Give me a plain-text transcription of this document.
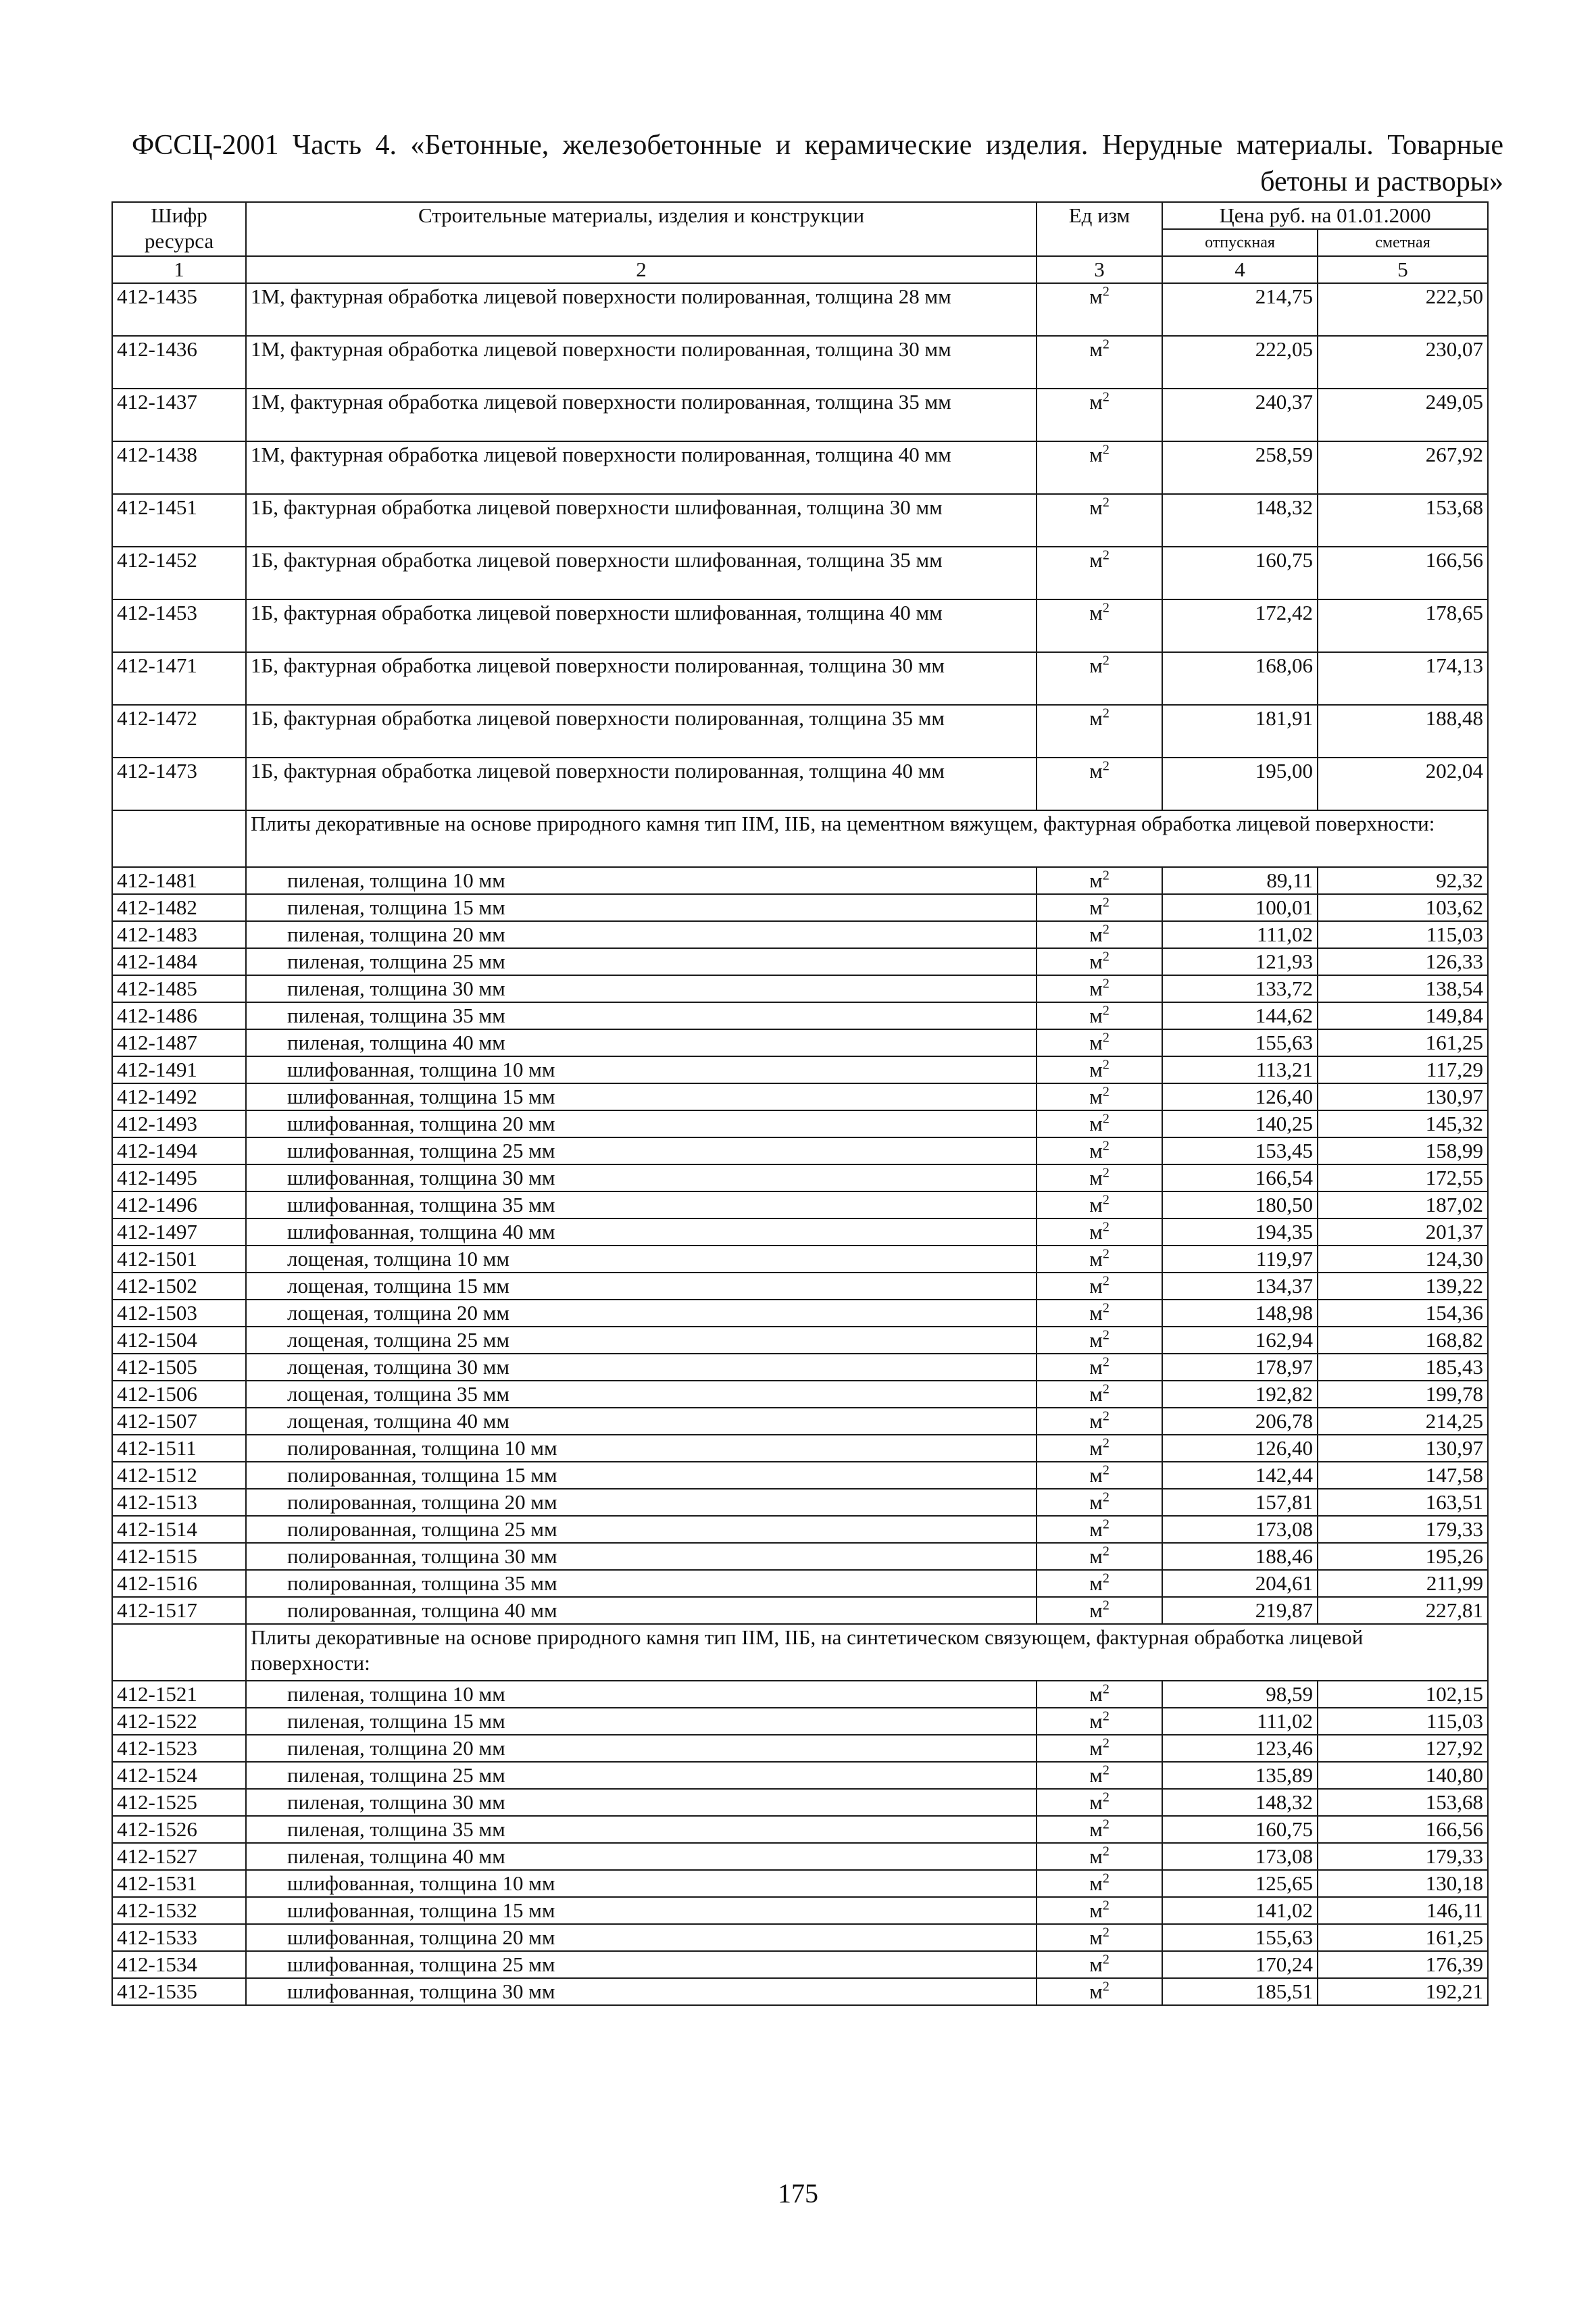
ФССЦ-2001 Часть 4. «Бетонные, железобетонные и керамические изделия. Нерудные материалы. Товарные бетоны и растворы»
Шифр ресурса	Строительные материалы, изделия и конструкции	Ед изм	Цена руб. на 01.01.2000	
			отпускная	сметная
1	2	3	4	5
412-1435	1М, фактурная обработка лицевой поверхности полированная, толщина 28 мм	$м^2$	214,75	222,50
412-1436	1М, фактурная обработка лицевой поверхности полированная, толщина 30 мм	$м^2$	222,05	230,07
412-1437	1М, фактурная обработка лицевой поверхности полированная, толщина 35 мм	$м^2$	240,37	249,05
412-1438	1М, фактурная обработка лицевой поверхности полированная, толщина 40 мм	$м^2$	258,59	267,92
412-1451	1Б, фактурная обработка лицевой поверхности шлифованная, толщина 30 мм	$м^2$	148,32	153,68
412-1452	1Б, фактурная обработка лицевой поверхности шлифованная, толщина 35 мм	$м^2$	160,75	166,56
412-1453	1Б, фактурная обработка лицевой поверхности шлифованная, толщина 40 мм	$м^2$	172,42	178,65
412-1471	1Б, фактурная обработка лицевой поверхности полированная, толщина 30 мм	$м^2$	168,06	174,13
412-1472	1Б, фактурная обработка лицевой поверхности полированная, толщина 35 мм	$м^2$	181,91	188,48
412-1473	1Б, фактурная обработка лицевой поверхности полированная, толщина 40 мм	$м^2$	195,00	202,04
	Плиты декоративные на основе природного камня тип IIМ, IIБ, на цементном вяжущем, фактурная обработка лицевой поверхности:			
412-1481	пиленая, толщина 10 мм	$м^2$	89,11	92,32
412-1482	пиленая, толщина 15 мм	$м^2$	100,01	103,62
412-1483	пиленая, толщина 20 мм	$м^2$	111,02	115,03
412-1484	пиленая, толщина 25 мм	$м^2$	121,93	126,33
412-1485	пиленая, толщина 30 мм	$м^2$	133,72	138,54
412-1486	пиленая, толщина 35 мм	$м^2$	144,62	149,84
412-1487	пиленая, толщина 40 мм	$м^2$	155,63	161,25
412-1491	шлифованная, толщина 10 мм	$м^2$	113,21	117,29
412-1492	шлифованная, толщина 15 мм	$м^2$	126,40	130,97
412-1493	шлифованная, толщина 20 мм	$м^2$	140,25	145,32
412-1494	шлифованная, толщина 25 мм	$м^2$	153,45	158,99
412-1495	шлифованная, толщина 30 мм	$м^2$	166,54	172,55
412-1496	шлифованная, толщина 35 мм	$м^2$	180,50	187,02
412-1497	шлифованная, толщина 40 мм	$м^2$	194,35	201,37
412-1501	лощеная, толщина 10 мм	$м^2$	119,97	124,30
412-1502	лощеная, толщина 15 мм	$м^2$	134,37	139,22
412-1503	лощеная, толщина 20 мм	$м^2$	148,98	154,36
412-1504	лощеная, толщина 25 мм	$м^2$	162,94	168,82
412-1505	лощеная, толщина 30 мм	$м^2$	178,97	185,43
412-1506	лощеная, толщина 35 мм	$м^2$	192,82	199,78
412-1507	лощеная, толщина 40 мм	$м^2$	206,78	214,25
412-1511	полированная, толщина 10 мм	$м^2$	126,40	130,97
412-1512	полированная, толщина 15 мм	$м^2$	142,44	147,58
412-1513	полированная, толщина 20 мм	$м^2$	157,81	163,51
412-1514	полированная, толщина 25 мм	$м^2$	173,08	179,33
412-1515	полированная, толщина 30 мм	$м^2$	188,46	195,26
412-1516	полированная, толщина 35 мм	$м^2$	204,61	211,99
412-1517	полированная, толщина 40 мм	$м^2$	219,87	227,81
	Плиты декоративные на основе природного камня тип IIМ, IIБ, на синтетическом связующем, фактурная обработка лицевой поверхности:			
412-1521	пиленая, толщина 10 мм	$м^2$	98,59	102,15
412-1522	пиленая, толщина 15 мм	$м^2$	111,02	115,03
412-1523	пиленая, толщина 20 мм	$м^2$	123,46	127,92
412-1524	пиленая, толщина 25 мм	$м^2$	135,89	140,80
412-1525	пиленая, толщина 30 мм	$м^2$	148,32	153,68
412-1526	пиленая, толщина 35 мм	$м^2$	160,75	166,56
412-1527	пиленая, толщина 40 мм	$м^2$	173,08	179,33
412-1531	шлифованная, толщина 10 мм	$м^2$	125,65	130,18
412-1532	шлифованная, толщина 15 мм	$м^2$	141,02	146,11
412-1533	шлифованная, толщина 20 мм	$м^2$	155,63	161,25
412-1534	шлифованная, толщина 25 мм	$м^2$	170,24	176,39
412-1535	шлифованная, толщина 30 мм	$м^2$	185,51	192,21
175
